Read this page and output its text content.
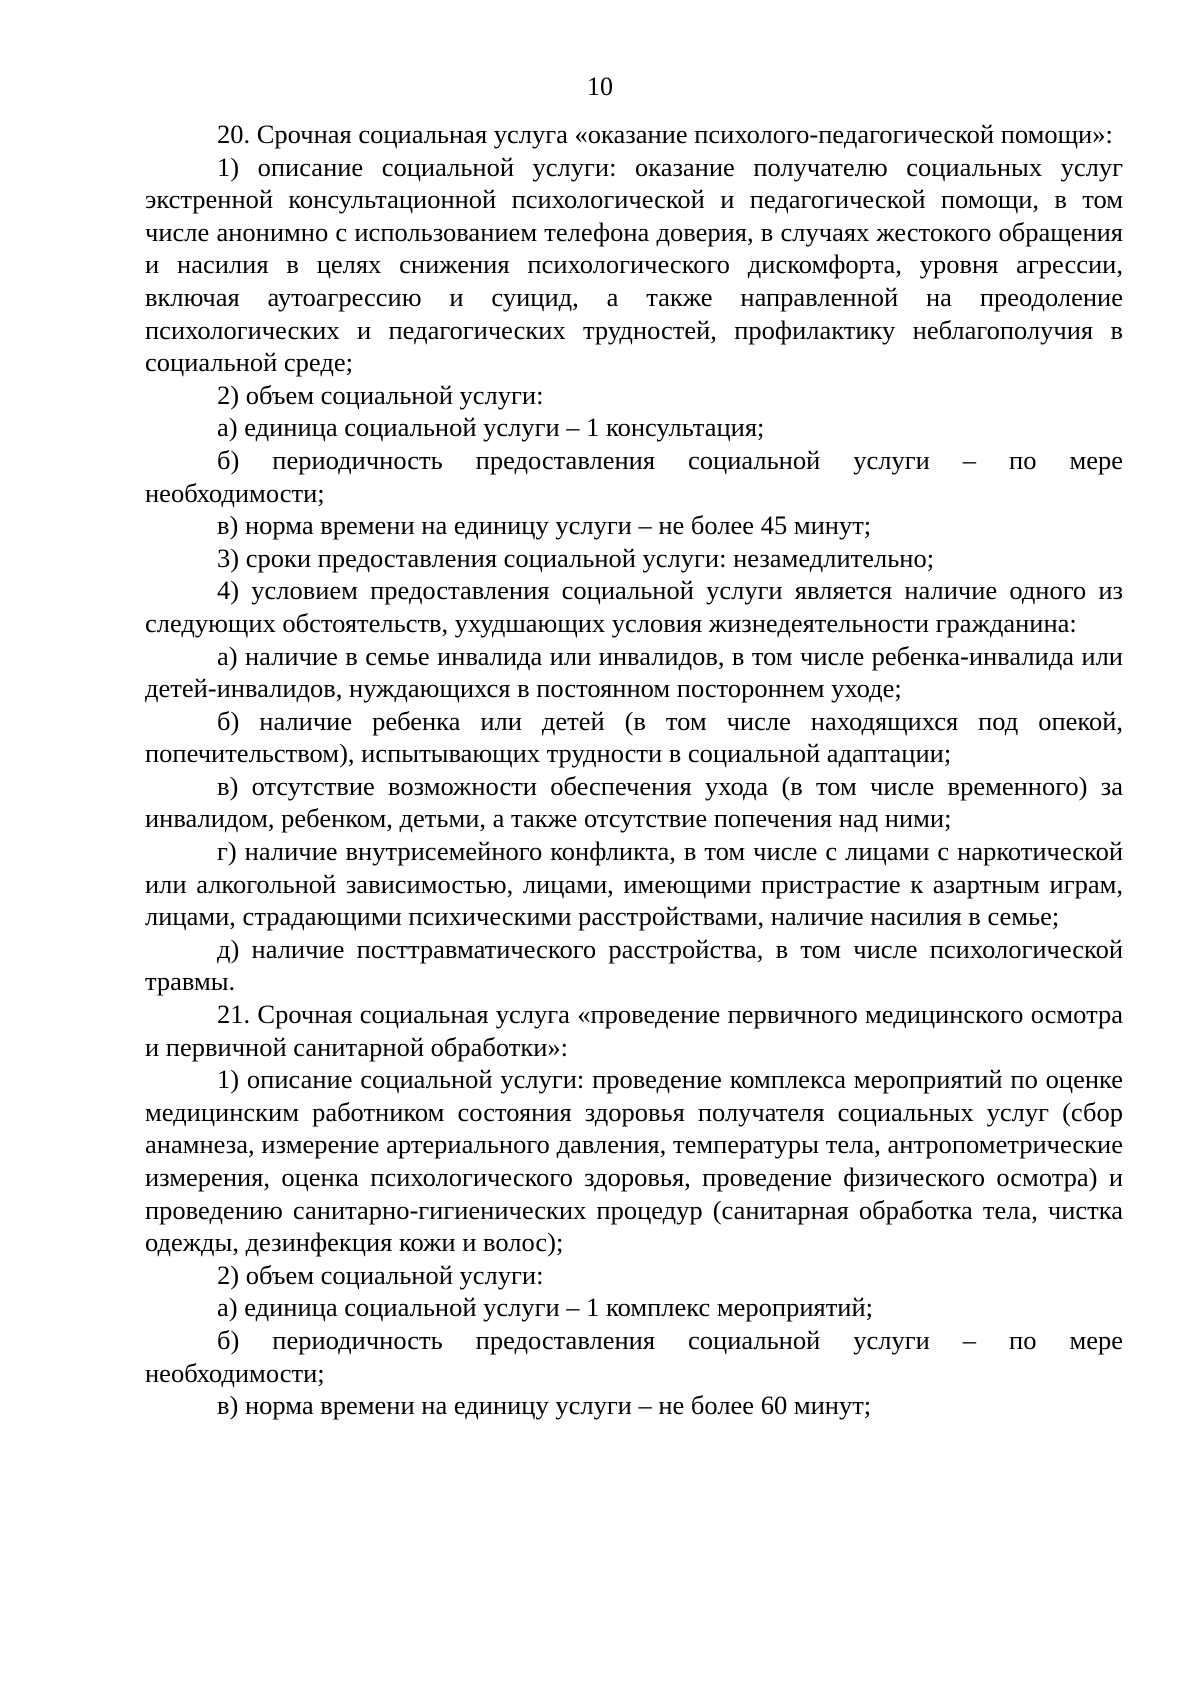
10

20. Срочная социальная услуга «оказание психолого-педагогической помощи»:

1) описание социальной услуги: оказание получателю социальных услуг экстренной консультационной психологической и педагогической помощи, в том числе анонимно с использованием телефона доверия, в случаях жестокого обращения и насилия в целях снижения психологического дискомфорта, уровня агрессии, включая аутоагрессию и суицид, а также направленной на преодоление психологических и педагогических трудностей, профилактику неблагополучия в социальной среде;

2) объем социальной услуги:

а) единица социальной услуги – 1 консультация;

б) периодичность предоставления социальной услуги – по мере необходимости;

в) норма времени на единицу услуги – не более 45 минут;

3) сроки предоставления социальной услуги: незамедлительно;

4) условием предоставления социальной услуги является наличие одного из следующих обстоятельств, ухудшающих условия жизнедеятельности гражданина:

а) наличие в семье инвалида или инвалидов, в том числе ребенка-инвалида или детей-инвалидов, нуждающихся в постоянном постороннем уходе;

б) наличие ребенка или детей (в том числе находящихся под опекой, попечительством), испытывающих трудности в социальной адаптации;

в) отсутствие возможности обеспечения ухода (в том числе временного) за инвалидом, ребенком, детьми, а также отсутствие попечения над ними;

г) наличие внутрисемейного конфликта, в том числе с лицами с наркотической или алкогольной зависимостью, лицами, имеющими пристрастие к азартным играм, лицами, страдающими психическими расстройствами, наличие насилия в семье;

д) наличие посттравматического расстройства, в том числе психологической травмы.

21. Срочная социальная услуга «проведение первичного медицинского осмотра и первичной санитарной обработки»:

1) описание социальной услуги: проведение комплекса мероприятий по оценке медицинским работником состояния здоровья получателя социальных услуг (сбор анамнеза, измерение артериального давления, температуры тела, антропометрические измерения, оценка психологического здоровья, проведение физического осмотра) и проведению санитарно-гигиенических процедур (санитарная обработка тела, чистка одежды, дезинфекция кожи и волос);

2) объем социальной услуги:

а) единица социальной услуги – 1 комплекс мероприятий;

б) периодичность предоставления социальной услуги – по мере необходимости;

в) норма времени на единицу услуги – не более 60 минут;
